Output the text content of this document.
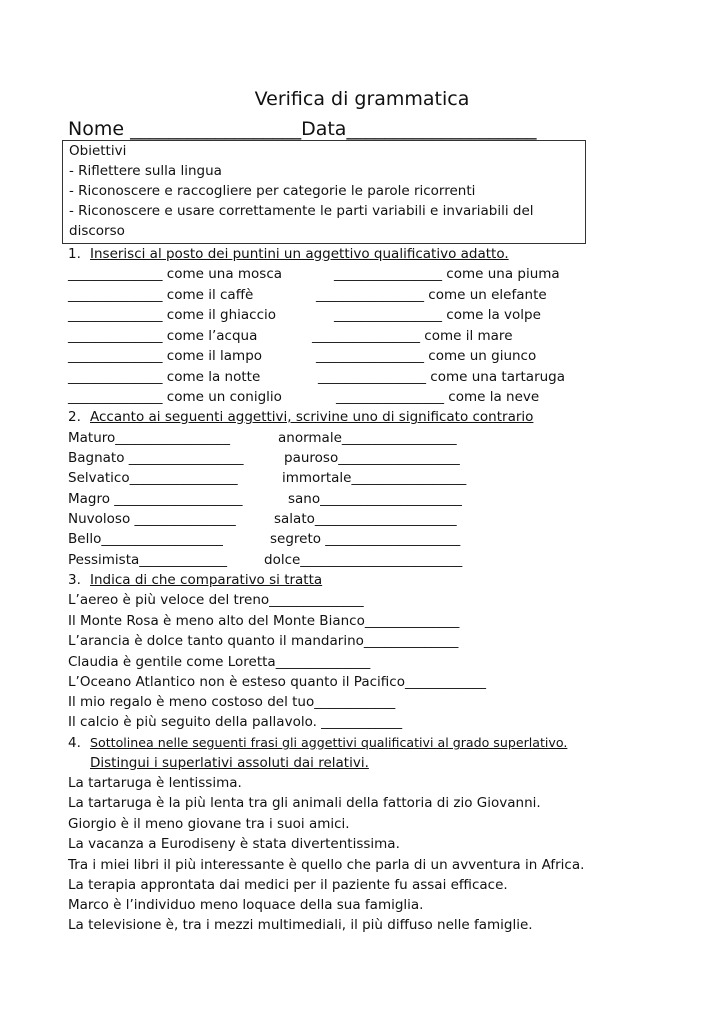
Verifica di grammatica
Nome __________________Data____________________
Obiettivi
- Riflettere sulla lingua
- Riconoscere e raccogliere per categorie le parole ricorrenti
- Riconoscere e usare correttamente le parti variabili e invariabili del
discorso
1. Inserisci al posto dei puntini un aggettivo qualificativo adatto.
______________ come una mosca	________________ come una piuma
______________ come il caffè	________________ come un elefante
______________ come il ghiaccio	________________ come la volpe
______________ come l’acqua	________________ come il mare
______________ come il lampo	________________ come un giunco
______________ come la notte	________________ come una tartaruga
______________ come un coniglio	________________ come la neve
2. Accanto ai seguenti aggettivi, scrivine uno di significato contrario
Maturo_________________	anormale_________________
Bagnato _________________	pauroso__________________
Selvatico________________	immortale_________________
Magro ___________________	sano_____________________
Nuvoloso _______________	salato_____________________
Bello__________________	segreto ____________________
Pessimista_____________	dolce________________________
3. Indica di che comparativo si tratta
L’aereo è più veloce del treno______________
Il Monte Rosa è meno alto del Monte Bianco______________
L’arancia è dolce tanto quanto il mandarino______________
Claudia è gentile come Loretta______________
L’Oceano Atlantico non è esteso quanto il Pacifico____________
Il mio regalo è meno costoso del tuo____________
Il calcio è più seguito della pallavolo. ____________
4. Sottolinea nelle seguenti frasi gli aggettivi qualificativi al grado superlativo.
Distingui i superlativi assoluti dai relativi.
La tartaruga è lentissima.
La tartaruga è la più lenta tra gli animali della fattoria di zio Giovanni.
Giorgio è il meno giovane tra i suoi amici.
La vacanza a Eurodiseny è stata divertentissima.
Tra i miei libri il più interessante è quello che parla di un avventura in Africa.
La terapia approntata dai medici per il paziente fu assai efficace.
Marco è l’individuo meno loquace della sua famiglia.
La televisione è, tra i mezzi multimediali, il più diffuso nelle famiglie.
